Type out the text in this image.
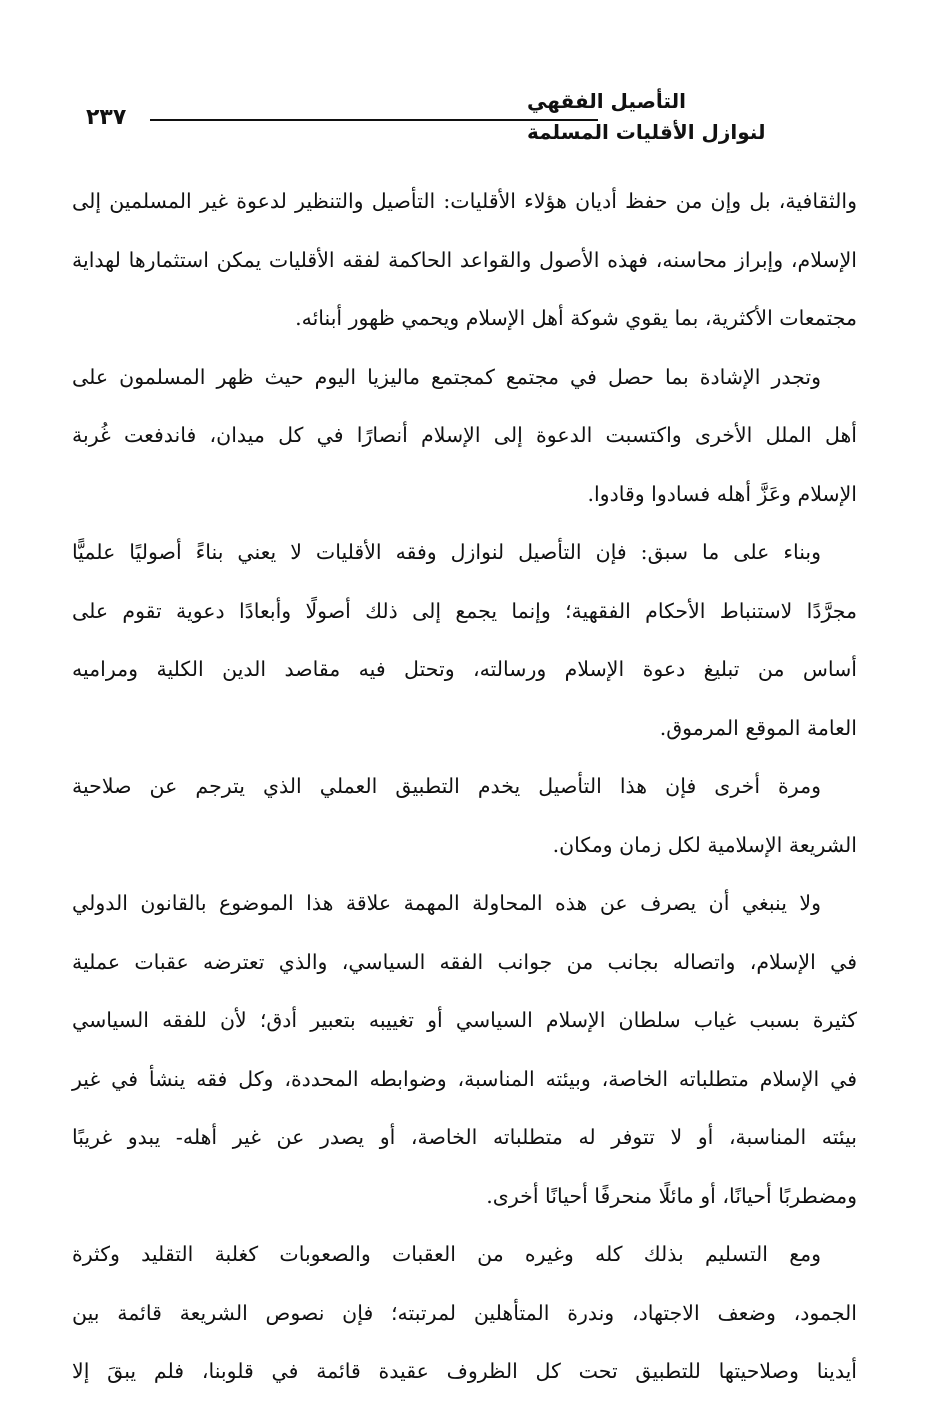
التأصيل الفقهي
لنوازل الأقليات المسلمة
٢٣٧

والثقافية، بل وإن من حفظ أديان هؤلاء الأقليات: التأصيل والتنظير لدعوة غير المسلمين إلى
الإسلام، وإبراز محاسنه، فهذه الأصول والقواعد الحاكمة لفقه الأقليات يمكن استثمارها لهداية
مجتمعات الأكثرية، بما يقوي شوكة أهل الإسلام ويحمي ظهور أبنائه.

وتجدر الإشادة بما حصل في مجتمع كمجتمع ماليزيا اليوم حيث ظهر المسلمون على
أهل الملل الأخرى واكتسبت الدعوة إلى الإسلام أنصارًا في كل ميدان، فاندفعت غُربة
الإسلام وعَزَّ أهله فسادوا وقادوا.

وبناء على ما سبق: فإن التأصيل لنوازل وفقه الأقليات لا يعني بناءً أصوليًا علميًّا
مجرَّدًا لاستنباط الأحكام الفقهية؛ وإنما يجمع إلى ذلك أصولًا وأبعادًا دعوية تقوم على
أساس من تبليغ دعوة الإسلام ورسالته، وتحتل فيه مقاصد الدين الكلية ومراميه
العامة الموقع المرموق.

ومرة أخرى فإن هذا التأصيل يخدم التطبيق العملي الذي يترجم عن صلاحية
الشريعة الإسلامية لكل زمان ومكان.

ولا ينبغي أن يصرف عن هذه المحاولة المهمة علاقة هذا الموضوع بالقانون الدولي
في الإسلام، واتصاله بجانب من جوانب الفقه السياسي، والذي تعترضه عقبات عملية
كثيرة بسبب غياب سلطان الإسلام السياسي أو تغييبه بتعبير أدق؛ لأن للفقه السياسي
في الإسلام متطلباته الخاصة، وبيئته المناسبة، وضوابطه المحددة، وكل فقه ينشأ في غير
بيئته المناسبة، أو لا تتوفر له متطلباته الخاصة، أو يصدر عن غير أهله- يبدو غريبًا
ومضطربًا أحيانًا، أو مائلًا منحرفًا أحيانًا أخرى.

ومع التسليم بذلك كله وغيره من العقبات والصعوبات كغلبة التقليد وكثرة
الجمود، وضعف الاجتهاد، وندرة المتأهلين لمرتبته؛ فإن نصوص الشريعة قائمة بين
أيدينا وصلاحيتها للتطبيق تحت كل الظروف عقيدة قائمة في قلوبنا، فلم يبقَ إلا
